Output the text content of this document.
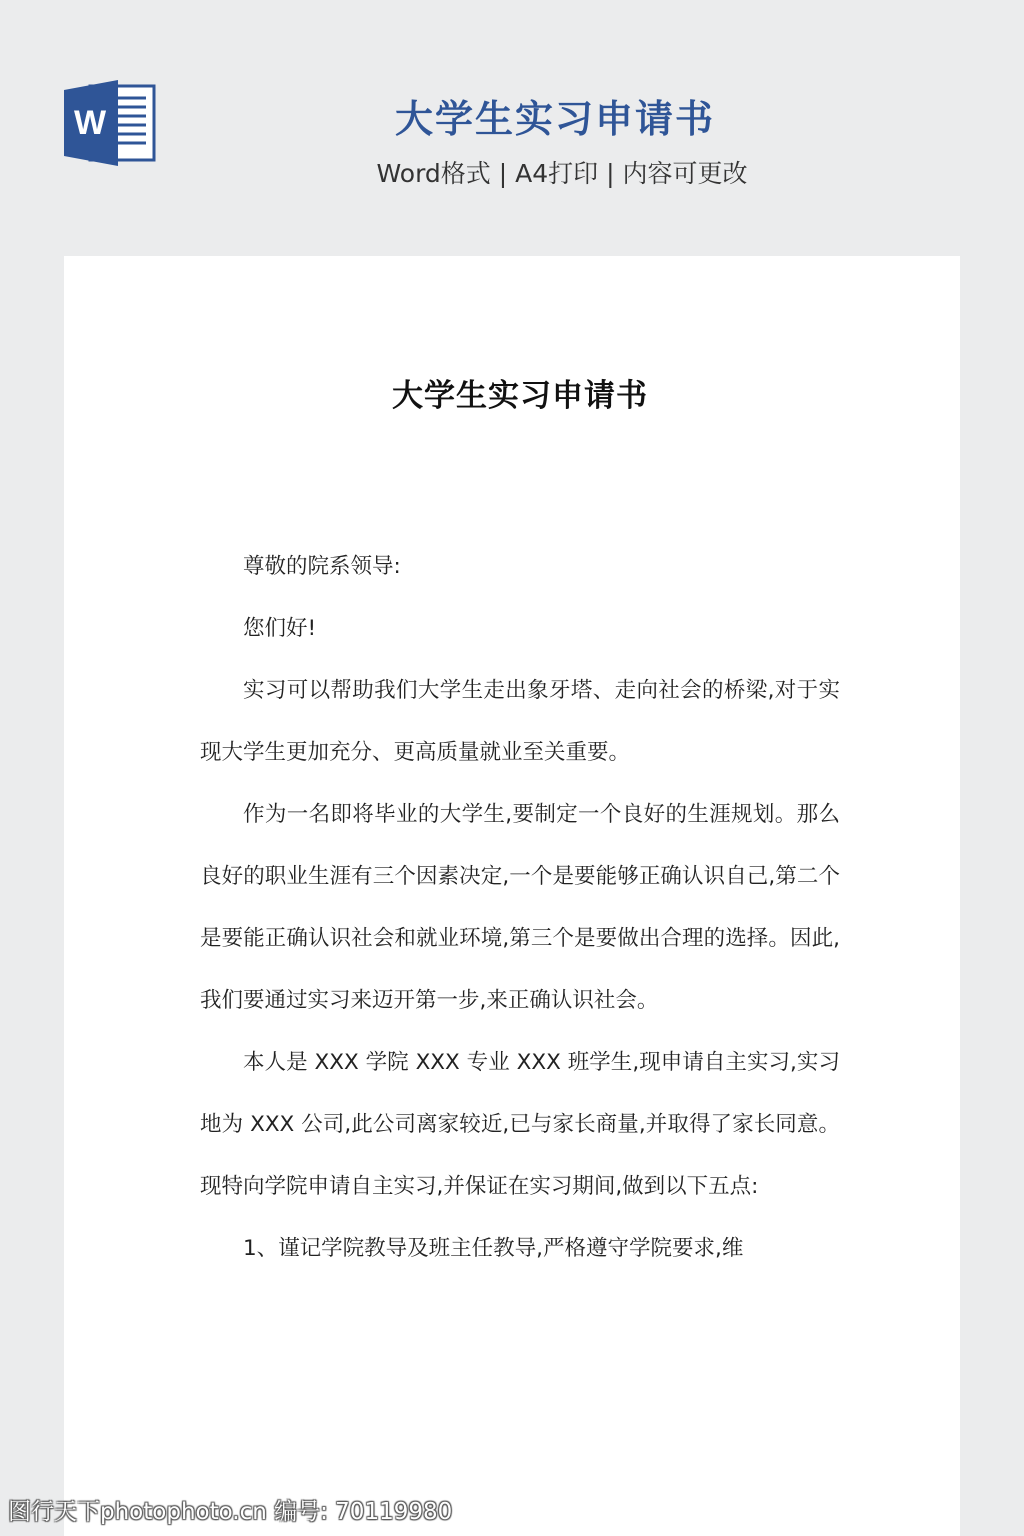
W	大学生实习申请书
Word格式 | A4打印 | 内容可更改
大学生实习申请书

尊敬的院系领导:

您们好!

实习可以帮助我们大学生走出象牙塔、走向社会的桥梁,对于实现大学生更加充分、更高质量就业至关重要。

作为一名即将毕业的大学生,要制定一个良好的生涯规划。那么良好的职业生涯有三个因素决定,一个是要能够正确认识自己,第二个是要能正确认识社会和就业环境,第三个是要做出合理的选择。因此,我们要通过实习来迈开第一步,来正确认识社会。

本人是 XXX 学院 XXX 专业 XXX 班学生,现申请自主实习,实习地为 XXX 公司,此公司离家较近,已与家长商量,并取得了家长同意。现特向学院申请自主实习,并保证在实习期间,做到以下五点:

1、谨记学院教导及班主任教导,严格遵守学院要求,维

图行天下photophoto.cn 编号: 70119980
